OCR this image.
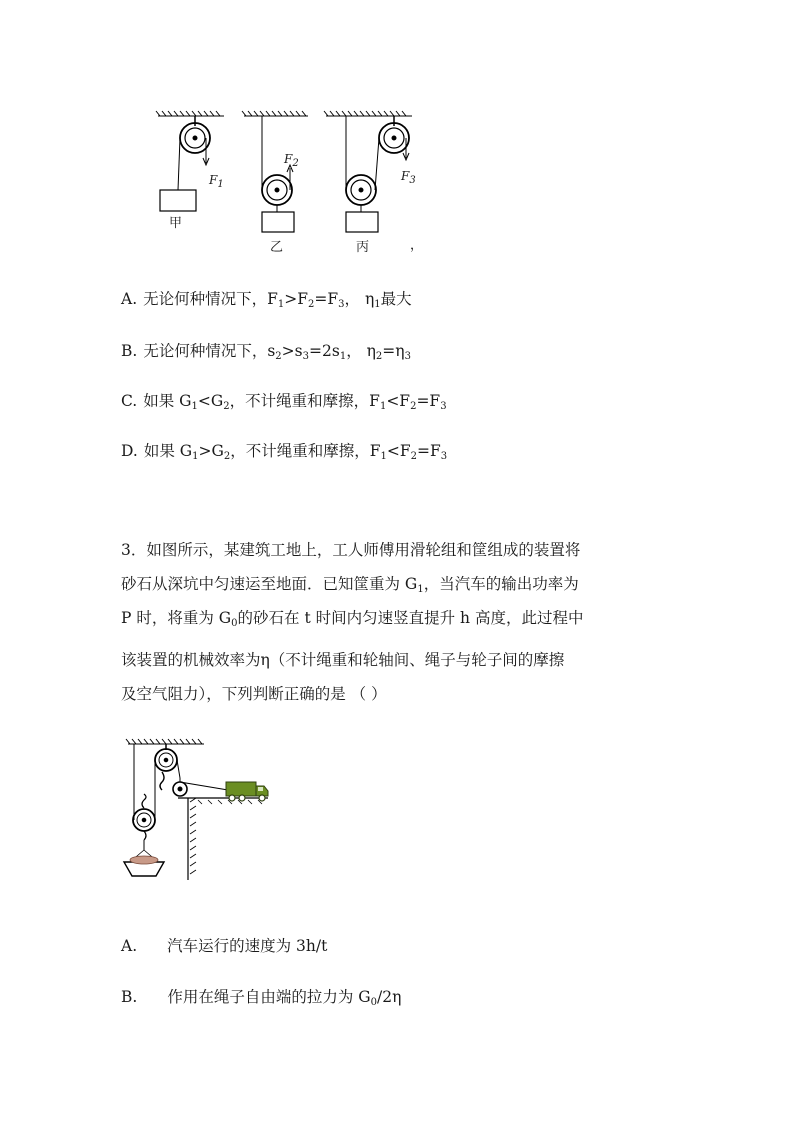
$F_1$
$F_2$
$F_3$
甲
乙	丙	，
A. 无论何种情况下，$F_1>F_2=F_3$， $\eta_1$最大
B. 无论何种情况下，$s_2>s_3=2s_1$， $\eta_2=\eta_3$
C. 如果 $G_1<G_2$，不计绳重和摩擦，$F_1<F_2=F_3$
D. 如果 $G_1>G_2$，不计绳重和摩擦，$F_1<F_2=F_3$
3．如图所示，某建筑工地上，工人师傅用滑轮组和筐组成的装置将
砂石从深坑中匀速运至地面．已知筐重为 $G_1$，当汽车的输出功率为
P 时，将重为 $G_0$的砂石在 t 时间内匀速竖直提升 h 高度，此过程中
该装置的机械效率为η（不计绳重和轮轴间、绳子与轮子间的摩擦
及空气阻力），下列判断正确的是 （ ）
A. 汽车运行的速度为 3h/t
B. 作用在绳子自由端的拉力为 $G_0/2\eta$
